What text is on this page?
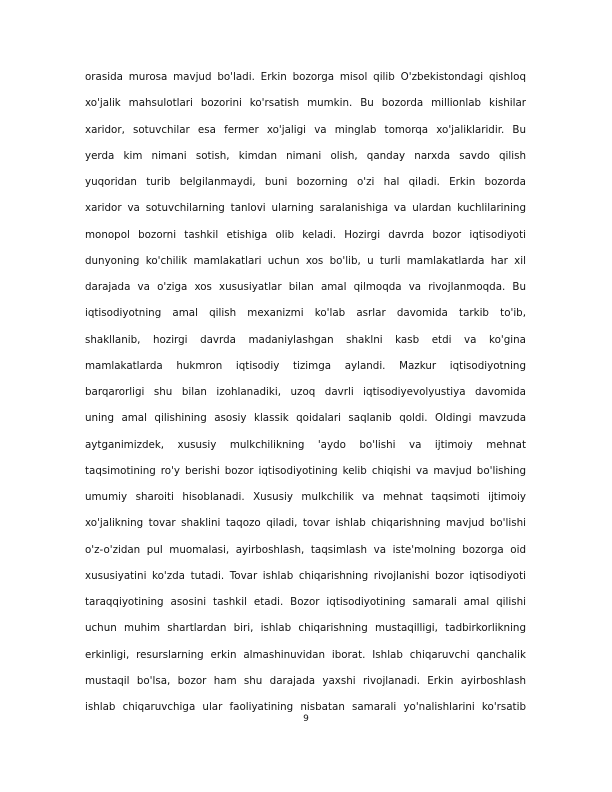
orasida murosa mavjud bo'ladi. Erkin bozorga misol qilib O'zbekistondagi qishloq
xo'jalik mahsulotlari bozorini ko'rsatish mumkin. Bu bozorda millionlab kishilar
xaridor, sotuvchilar esa fermer xo'jaligi va minglab tomorqa xo'jaliklaridir. Bu
yerda kim nimani sotish, kimdan nimani olish, qanday narxda savdo qilish
yuqoridan turib belgilanmaydi, buni bozorning o'zi hal qiladi. Erkin bozorda
xaridor va sotuvchilarning tanlovi ularning saralanishiga va ulardan kuchlilarining
monopol bozorni tashkil etishiga olib keladi. Hozirgi davrda bozor iqtisodiyoti
dunyoning ko'chilik mamlakatlari uchun xos bo'lib, u turli mamlakatlarda har xil
darajada va o'ziga xos xususiyatlar bilan amal qilmoqda va rivojlanmoqda. Bu
iqtisodiyotning amal qilish mexanizmi ko'lab asrlar davomida tarkib to'ib,
shakllanib, hozirgi davrda madaniylashgan shaklni kasb etdi va ko'gina
mamlakatlarda hukmron iqtisodiy tizimga aylandi. Mazkur iqtisodiyotning
barqarorligi shu bilan izohlanadiki, uzoq davrli iqtisodiyevolyustiya davomida
uning amal qilishining asosiy klassik qoidalari saqlanib qoldi. Oldingi mavzuda
aytganimizdek, xususiy mulkchilikning 'aydo bo'lishi va ijtimoiy mehnat
taqsimotining ro'y berishi bozor iqtisodiyotining kelib chiqishi va mavjud bo'lishing
umumiy sharoiti hisoblanadi. Xususiy mulkchilik va mehnat taqsimoti ijtimoiy
xo'jalikning tovar shaklini taqozo qiladi, tovar ishlab chiqarishning mavjud bo'lishi
o'z-o'zidan pul muomalasi, ayirboshlash, taqsimlash va iste'molning bozorga oid
xususiyatini ko'zda tutadi. Tovar ishlab chiqarishning rivojlanishi bozor iqtisodiyoti
taraqqiyotining asosini tashkil etadi. Bozor iqtisodiyotining samarali amal qilishi
uchun muhim shartlardan biri, ishlab chiqarishning mustaqilligi, tadbirkorlikning
erkinligi, resurslarning erkin almashinuvidan iborat. Ishlab chiqaruvchi qanchalik
mustaqil bo'lsa, bozor ham shu darajada yaxshi rivojlanadi. Erkin ayirboshlash
ishlab chiqaruvchiga ular faoliyatining nisbatan samarali yo'nalishlarini ko'rsatib
9
